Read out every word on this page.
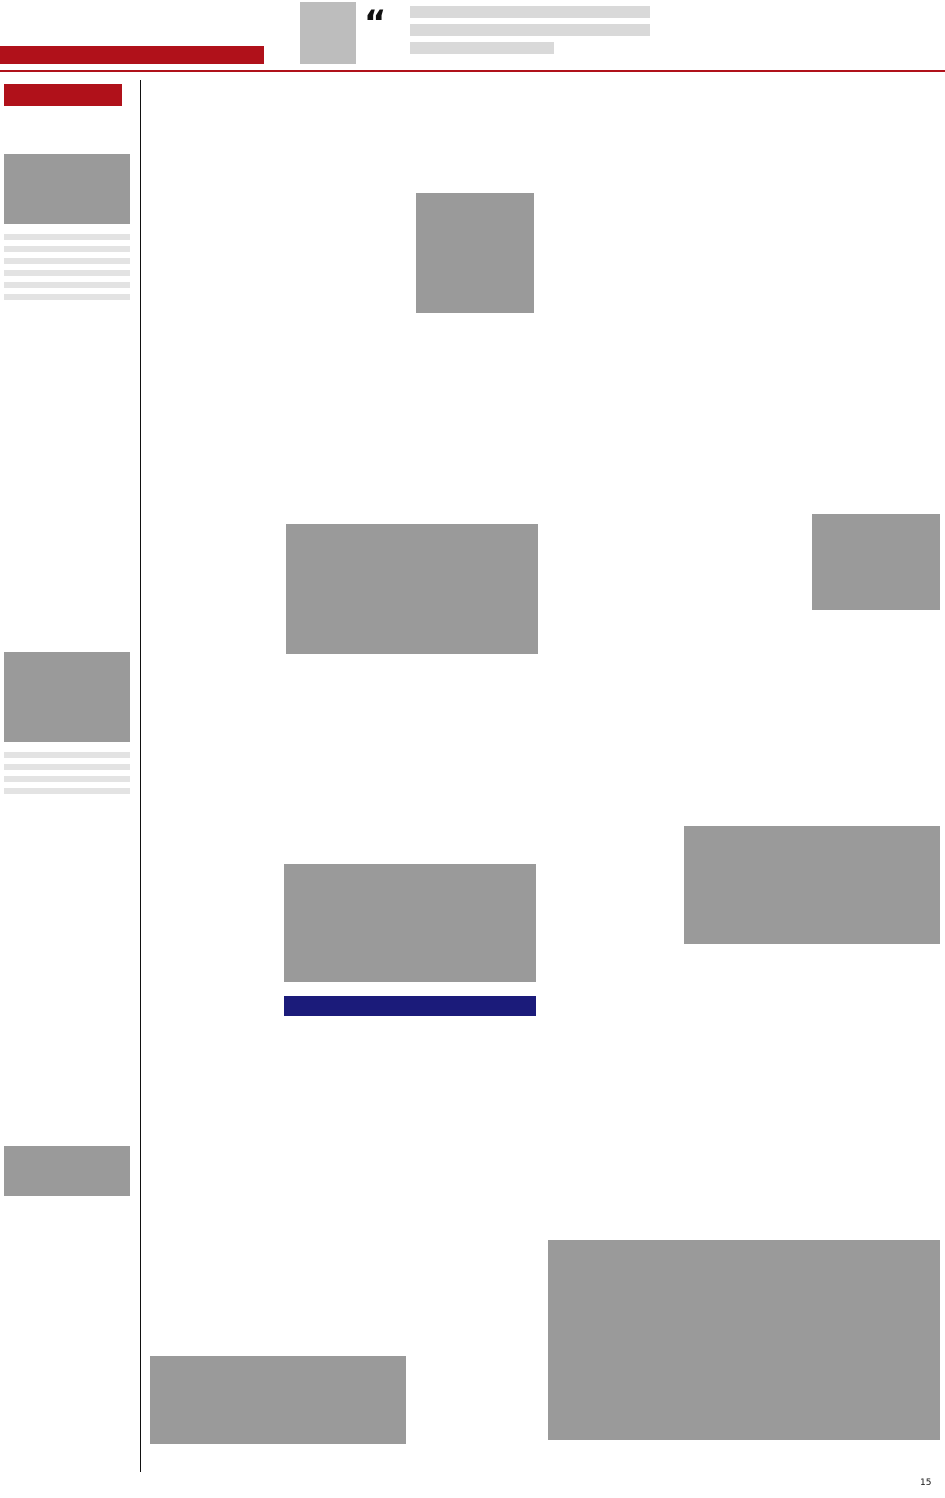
“
15
